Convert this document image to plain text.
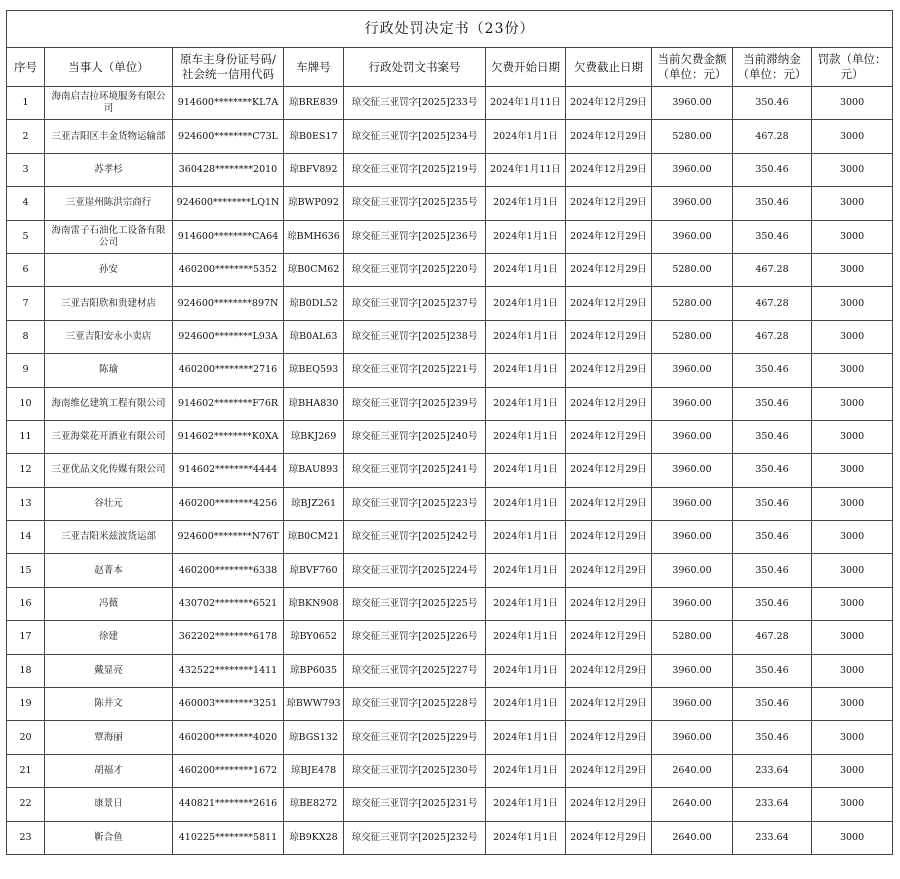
行政处罚决定书（23份）									
序号	当事人（单位）	原车主身份证号码/社会统一信用代码	车牌号	行政处罚文书案号	欠费开始日期	欠费截止日期	当前欠费金额（单位：元）	当前滞纳金（单位：元）	罚款（单位：元）
1	海南启吉拉环境服务有限公司	914600********KL7A	琼BRE839	琼交征三亚罚字[2025]233号	2024年1月11日	2024年12月29日	3960.00	350.46	3000
2	三亚吉阳区丰金货物运输部	924600********C73L	琼B0ES17	琼交征三亚罚字[2025]234号	2024年1月1日	2024年12月29日	5280.00	467.28	3000
3	苏孝杉	360428********2010	琼BFV892	琼交征三亚罚字[2025]219号	2024年1月11日	2024年12月29日	3960.00	350.46	3000
4	三亚崖州陈洪宗商行	924600********LQ1N	琼BWP092	琼交征三亚罚字[2025]235号	2024年1月1日	2024年12月29日	3960.00	350.46	3000
5	海南雷子石油化工设备有限公司	914600********CA64	琼BMH636	琼交征三亚罚字[2025]236号	2024年1月1日	2024年12月29日	3960.00	350.46	3000
6	孙安	460200********5352	琼B0CM62	琼交征三亚罚字[2025]220号	2024年1月1日	2024年12月29日	5280.00	467.28	3000
7	三亚吉阳欣和贵建材店	924600********897N	琼B0DL52	琼交征三亚罚字[2025]237号	2024年1月1日	2024年12月29日	5280.00	467.28	3000
8	三亚吉阳安永小卖店	924600********L93A	琼B0AL63	琼交征三亚罚字[2025]238号	2024年1月1日	2024年12月29日	5280.00	467.28	3000
9	陈瑜	460200********2716	琼BEQ593	琼交征三亚罚字[2025]221号	2024年1月1日	2024年12月29日	3960.00	350.46	3000
10	海南维亿建筑工程有限公司	914602********F76R	琼BHA830	琼交征三亚罚字[2025]239号	2024年1月1日	2024年12月29日	3960.00	350.46	3000
11	三亚海棠花开酒业有限公司	914602********K0XA	琼BKJ269	琼交征三亚罚字[2025]240号	2024年1月1日	2024年12月29日	3960.00	350.46	3000
12	三亚优品文化传媒有限公司	914602********4444	琼BAU893	琼交征三亚罚字[2025]241号	2024年1月1日	2024年12月29日	3960.00	350.46	3000
13	谷壮元	460200********4256	琼BJZ261	琼交征三亚罚字[2025]223号	2024年1月1日	2024年12月29日	3960.00	350.46	3000
14	三亚吉阳米兹波货运部	924600********N76T	琼B0CM21	琼交征三亚罚字[2025]242号	2024年1月1日	2024年12月29日	3960.00	350.46	3000
15	赵菁本	460200********6338	琼BVF760	琼交征三亚罚字[2025]224号	2024年1月1日	2024年12月29日	3960.00	350.46	3000
16	冯薇	430702********6521	琼BKN908	琼交征三亚罚字[2025]225号	2024年1月1日	2024年12月29日	3960.00	350.46	3000
17	徐建	362202********6178	琼BY0652	琼交征三亚罚字[2025]226号	2024年1月1日	2024年12月29日	5280.00	467.28	3000
18	戴显亮	432522********1411	琼BP6035	琼交征三亚罚字[2025]227号	2024年1月1日	2024年12月29日	3960.00	350.46	3000
19	陈井文	460003********3251	琼BWW793	琼交征三亚罚字[2025]228号	2024年1月1日	2024年12月29日	3960.00	350.46	3000
20	覃海丽	460200********4020	琼BGS132	琼交征三亚罚字[2025]229号	2024年1月1日	2024年12月29日	3960.00	350.46	3000
21	胡福才	460200********1672	琼BJE478	琼交征三亚罚字[2025]230号	2024年1月1日	2024年12月29日	2640.00	233.64	3000
22	康景日	440821********2616	琼BE8272	琼交征三亚罚字[2025]231号	2024年1月1日	2024年12月29日	2640.00	233.64	3000
23	靳合鱼	410225********5811	琼B9KX28	琼交征三亚罚字[2025]232号	2024年1月1日	2024年12月29日	2640.00	233.64	3000
